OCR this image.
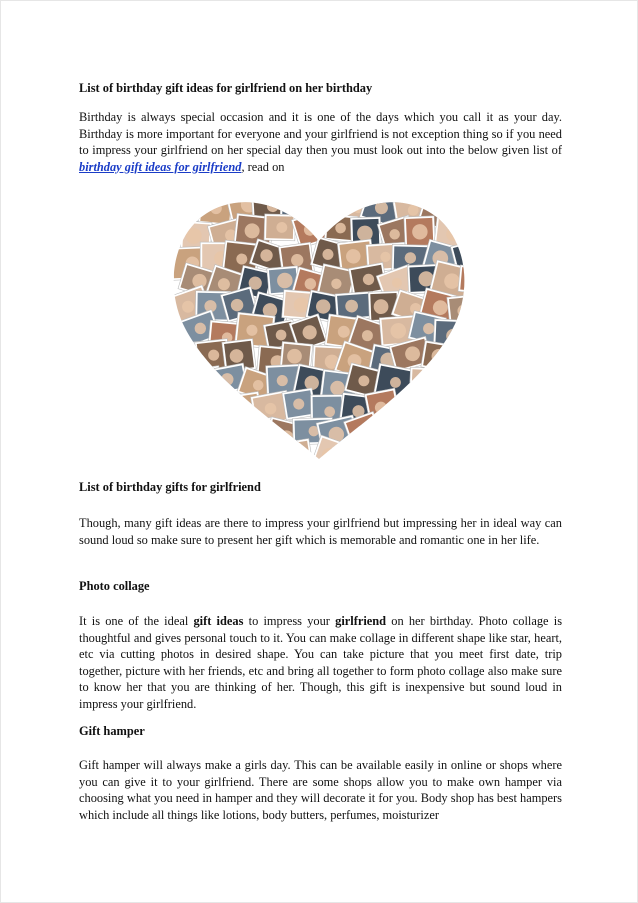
List of birthday gift ideas for girlfriend on her birthday
Birthday is always special occasion and it is one of the days which you call it as your day. Birthday is more important for everyone and your girlfriend is not exception thing so if you need to impress your girlfriend on her special day then you must look out into the below given list of birthday gift ideas for girlfriend, read on
List of birthday gifts for girlfriend
Though, many gift ideas are there to impress your girlfriend but impressing her in ideal way can sound loud so make sure to present her gift which is memorable and romantic one in her life.
Photo collage
It is one of the ideal gift ideas to impress your girlfriend on her birthday. Photo collage is thoughtful and gives personal touch to it. You can make collage in different shape like star, heart, etc via cutting photos in desired shape. You can take picture that you meet first date, trip together, picture with her friends, etc and bring all together to form photo collage also make sure to know her that you are thinking of her. Though, this gift is inexpensive but sound loud in impress your girlfriend.
Gift hamper
Gift hamper will always make a girls day. This can be available easily in online or shops where you can give it to your girlfriend. There are some shops allow you to make own hamper via choosing what you need in hamper and they will decorate it for you. Body shop has best hampers which include all things like lotions, body butters, perfumes, moisturizer
